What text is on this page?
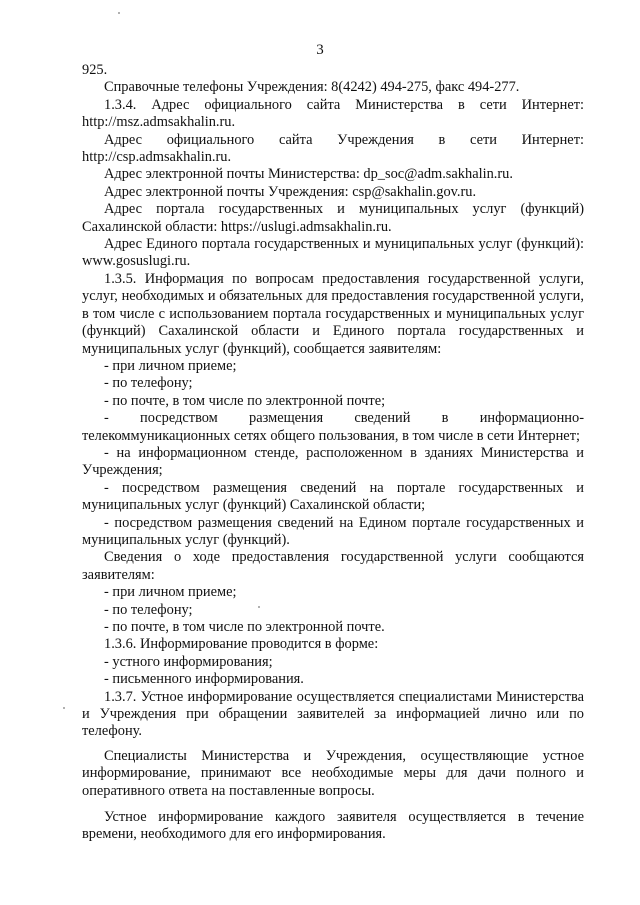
3

925.

Справочные телефоны Учреждения: 8(4242) 494-275, факс 494-277.

1.3.4. Адрес официального сайта Министерства в сети Интернет: http://msz.admsakhalin.ru.

Адрес официального сайта Учреждения в сети Интернет: http://csp.admsakhalin.ru.

Адрес электронной почты Министерства: dp_soc@adm.sakhalin.ru.

Адрес электронной почты Учреждения: csp@sakhalin.gov.ru.

Адрес портала государственных и муниципальных услуг (функций) Сахалинской области: https://uslugi.admsakhalin.ru.

Адрес Единого портала государственных и муниципальных услуг (функций): www.gosuslugi.ru.

1.3.5. Информация по вопросам предоставления государственной услуги, услуг, необходимых и обязательных для предоставления государственной услуги, в том числе с использованием портала государственных и муниципальных услуг (функций) Сахалинской области и Единого портала государственных и муниципальных услуг (функций), сообщается заявителям:

- при личном приеме;

- по телефону;

- по почте, в том числе по электронной почте;

- посредством размещения сведений в информационно-телекоммуникационных сетях общего пользования, в том числе в сети Интернет;

- на информационном стенде, расположенном в зданиях Министерства и Учреждения;

- посредством размещения сведений на портале государственных и муниципальных услуг (функций) Сахалинской области;

- посредством размещения сведений на Едином портале государственных и муниципальных услуг (функций).

Сведения о ходе предоставления государственной услуги сообщаются заявителям:

- при личном приеме;

- по телефону;

- по почте, в том числе по электронной почте.

1.3.6. Информирование проводится в форме:

- устного информирования;

- письменного информирования.

1.3.7. Устное информирование осуществляется специалистами Министерства и Учреждения при обращении заявителей за информацией лично или по телефону.

Специалисты Министерства и Учреждения, осуществляющие устное информирование, принимают все необходимые меры для дачи полного и оперативного ответа на поставленные вопросы.

Устное информирование каждого заявителя осуществляется в течение времени, необходимого для его информирования.
